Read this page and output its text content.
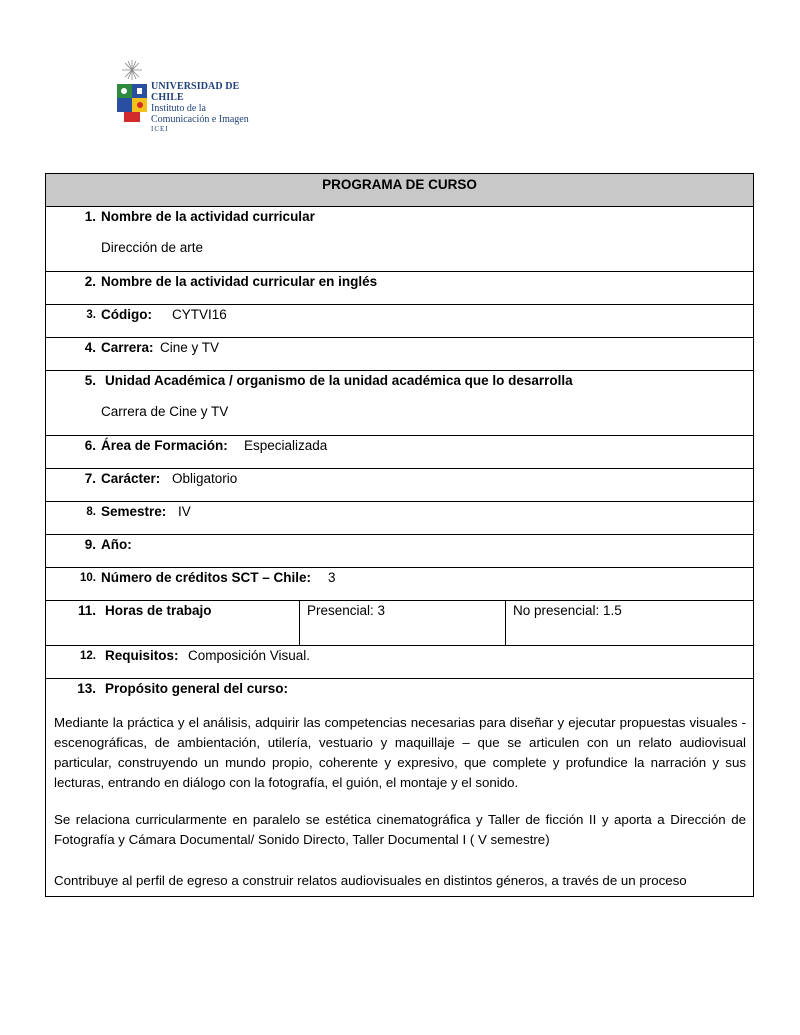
UNIVERSIDAD DE CHILE
Instituto de la
Comunicación e Imagen
ICEI
PROGRAMA DE CURSO
1. Nombre de la actividad curricular
Dirección de arte
2. Nombre de la actividad curricular en inglés
3. Código: CYTVI16
4. Carrera: Cine y TV
5. Unidad Académica / organismo de la unidad académica que lo desarrolla
Carrera de Cine y TV
6. Área de Formación: Especializada
7. Carácter: Obligatorio
8. Semestre: IV
9. Año:
10. Número de créditos SCT – Chile: 3
11. Horas de trabajo	Presencial: 3	No presencial: 1.5
12. Requisitos: Composición Visual.
13. Propósito general del curso:
Mediante la práctica y el análisis, adquirir las competencias necesarias para diseñar y ejecutar propuestas visuales -escenográficas, de ambientación, utilería, vestuario y maquillaje – que se articulen con un relato audiovisual particular, construyendo un mundo propio, coherente y expresivo, que complete y profundice la narración y sus lecturas, entrando en diálogo con la fotografía, el guión, el montaje y el sonido.
Se relaciona curricularmente en paralelo se estética cinematográfica y Taller de ficción II y aporta a Dirección de Fotografía y Cámara Documental/ Sonido Directo, Taller Documental I ( V semestre)
Contribuye al perfil de egreso a construir relatos audiovisuales en distintos géneros, a través de un proceso
